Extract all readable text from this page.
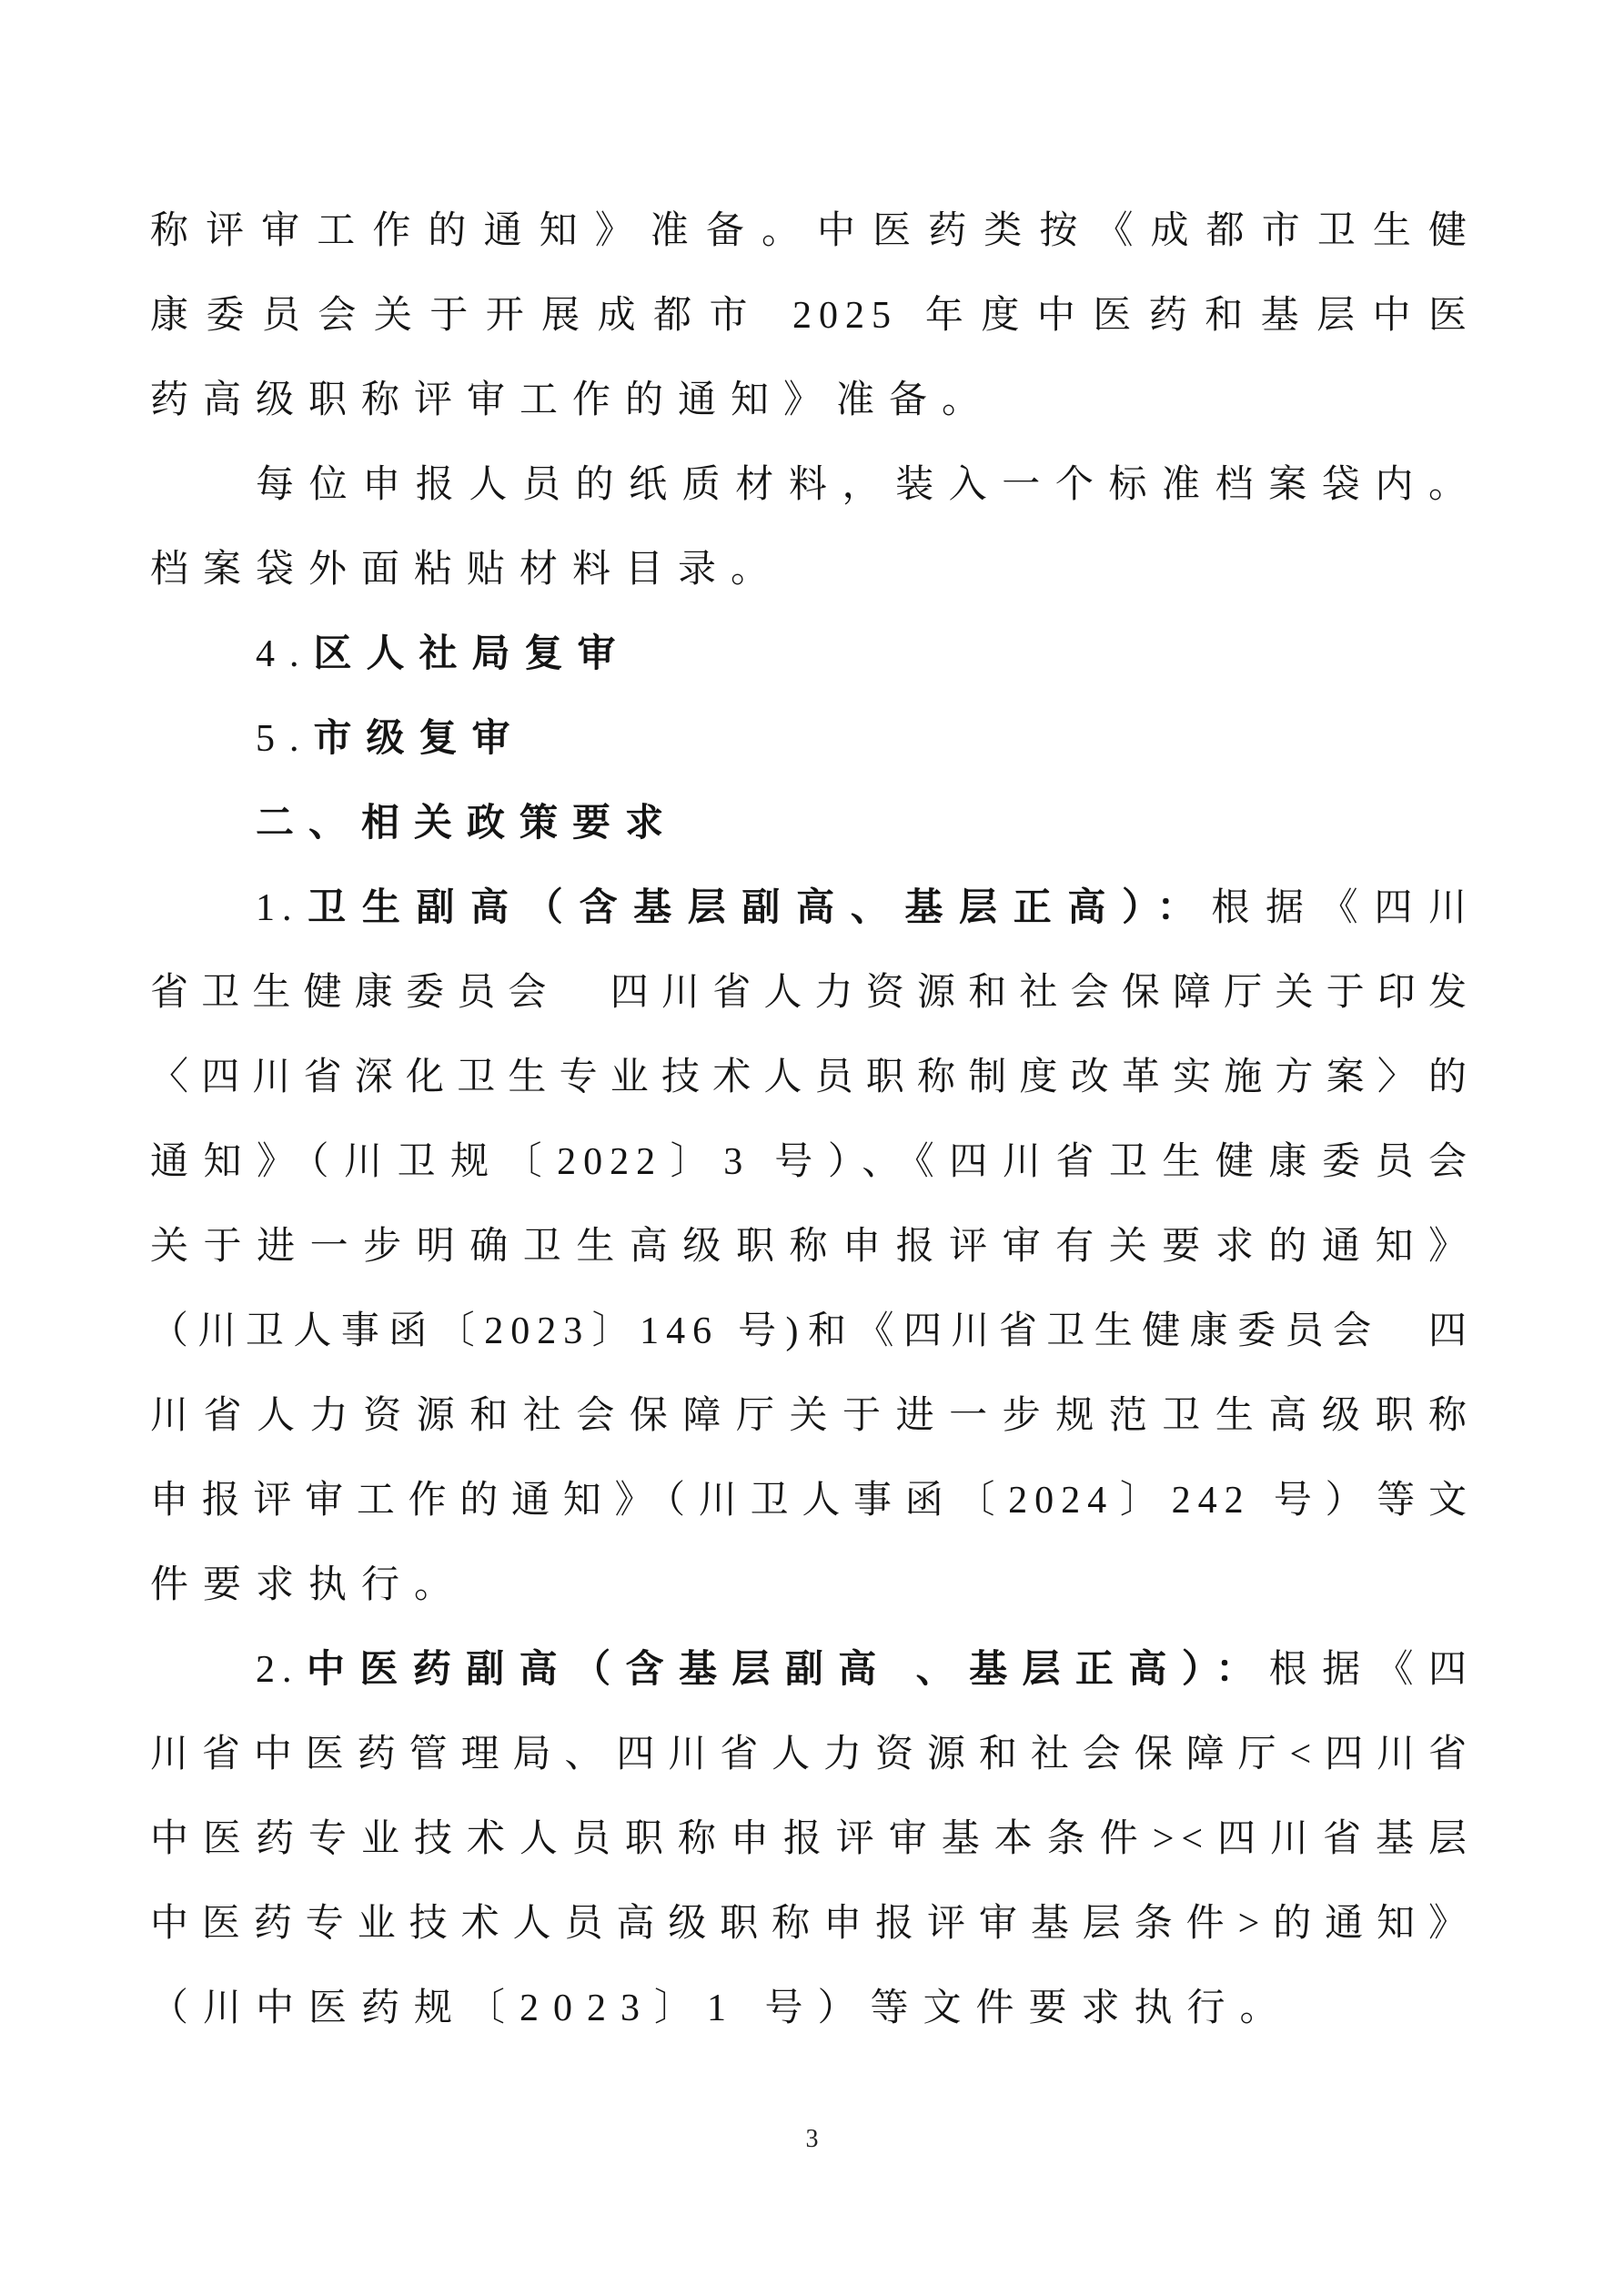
称评审工作的通知》准备。中医药类按《成都市卫生健
康委员会关于开展成都市 2025 年度中医药和基层中医
药高级职称评审工作的通知》准备。
每位申报人员的纸质材料，装入一个标准档案袋内。
档案袋外面粘贴材料目录。
4.区人社局复审
5.市级复审
二、相关政策要求
1.卫生副高（含基层副高、基层正高）：根据《四川
省卫生健康委员会　四川省人力资源和社会保障厅关于印发
〈四川省深化卫生专业技术人员职称制度改革实施方案〉的
通知》（川卫规〔2022〕3 号）、《四川省卫生健康委员会
关于进一步明确卫生高级职称申报评审有关要求的通知》
（川卫人事函〔2023〕146 号)和《四川省卫生健康委员会　四
川省人力资源和社会保障厅关于进一步规范卫生高级职称
申报评审工作的通知》（川卫人事函〔2024〕242 号）等文
件要求执行。
2.中医药副高（含基层副高 、基层正高）：根据《四
川省中医药管理局、四川省人力资源和社会保障厅<四川省
中医药专业技术人员职称申报评审基本条件><四川省基层
中医药专业技术人员高级职称申报评审基层条件>的通知》
（川中医药规〔2023〕1 号）等文件要求执行。
3
